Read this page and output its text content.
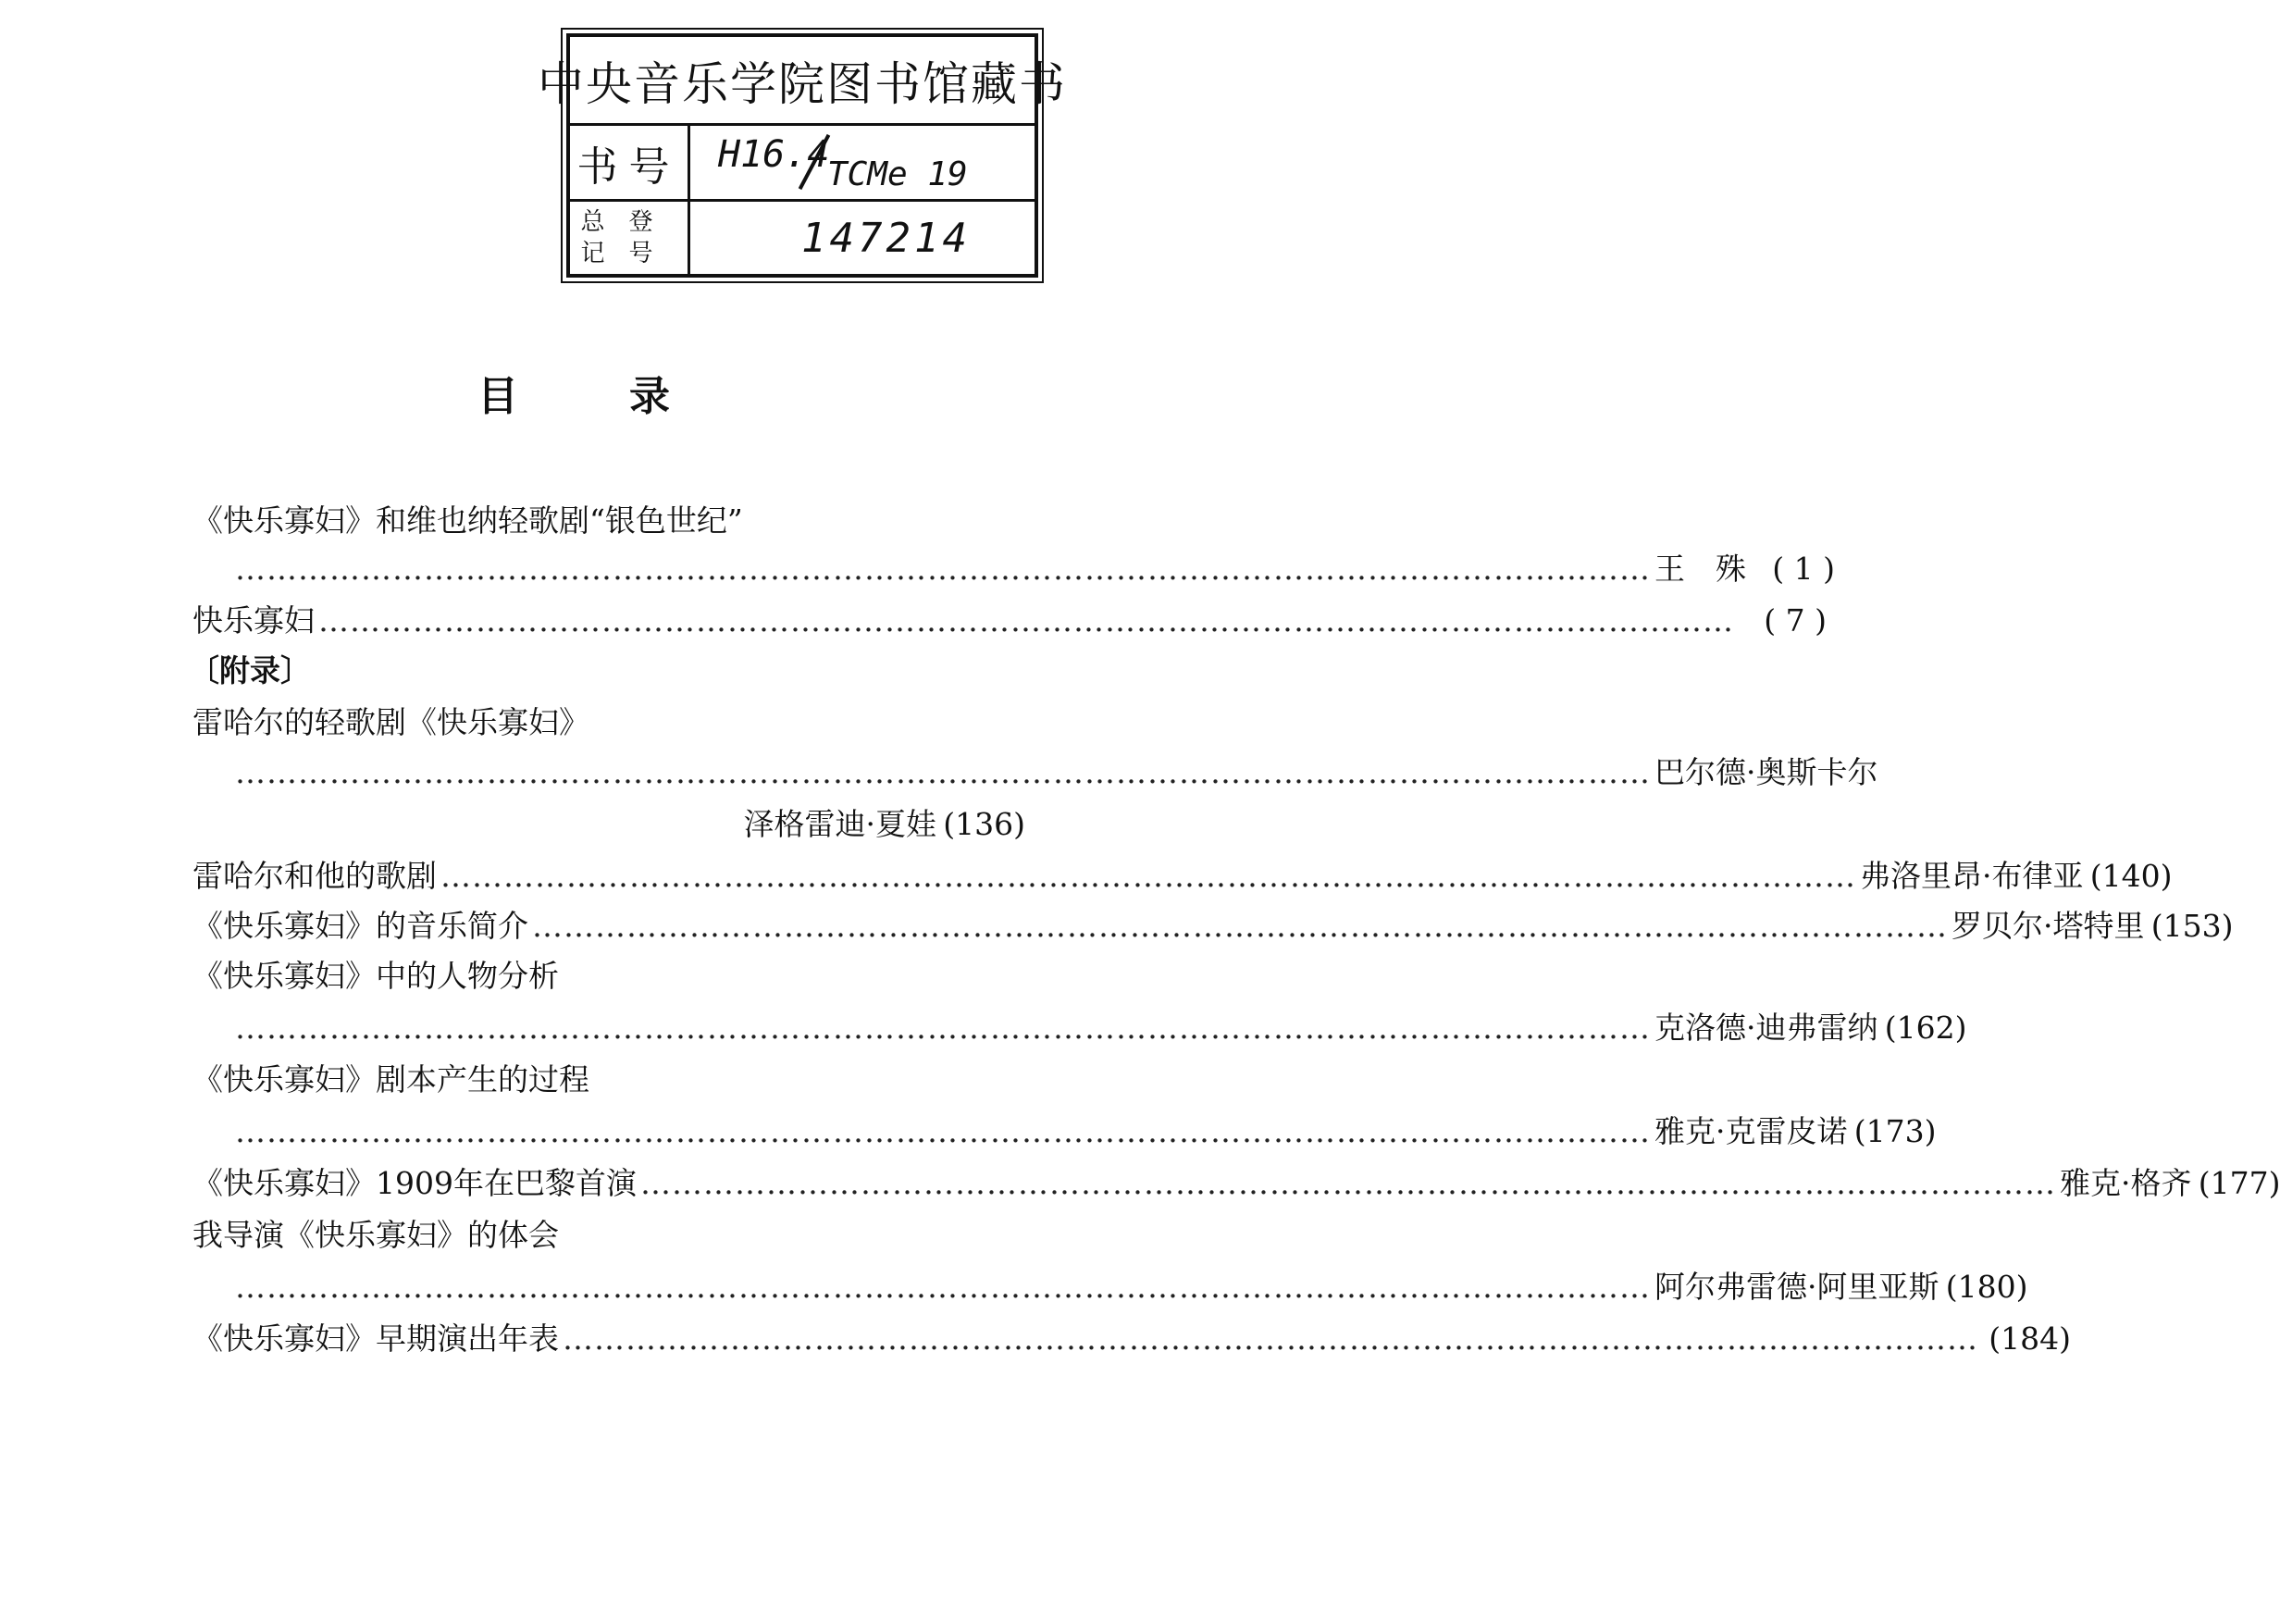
中央音乐学院图书馆藏书
书号 H16.4
TCMe 19
总登
记号	147214
目录
《快乐寡妇》和维也纳轻歌剧“银色世纪”
……………………………………………………………………………………………………………………… 王　殊 ( 1 )
快乐寡妇 ……………………………………………………………………………………………………………………… ( 7 )
〔附录〕
雷哈尔的轻歌剧《快乐寡妇》
……………………………………………………………………………………………………………………… 巴尔德·奥斯卡尔
泽格雷迪·夏娃 (136)
雷哈尔和他的歌剧 ……………………………………………………………………………………………………………………… 弗洛里昂·布律亚 (140)
《快乐寡妇》的音乐简介 ……………………………………………………………………………………………………………………… 罗贝尔·塔特里 (153)
《快乐寡妇》中的人物分析
……………………………………………………………………………………………………………………… 克洛德·迪弗雷纳 (162)
《快乐寡妇》剧本产生的过程
……………………………………………………………………………………………………………………… 雅克·克雷皮诺 (173)
《快乐寡妇》1909年在巴黎首演 ……………………………………………………………………………………………………………………… 雅克·格齐 (177)
我导演《快乐寡妇》的体会
……………………………………………………………………………………………………………………… 阿尔弗雷德·阿里亚斯 (180)
《快乐寡妇》早期演出年表 ……………………………………………………………………………………………………………………… (184)
